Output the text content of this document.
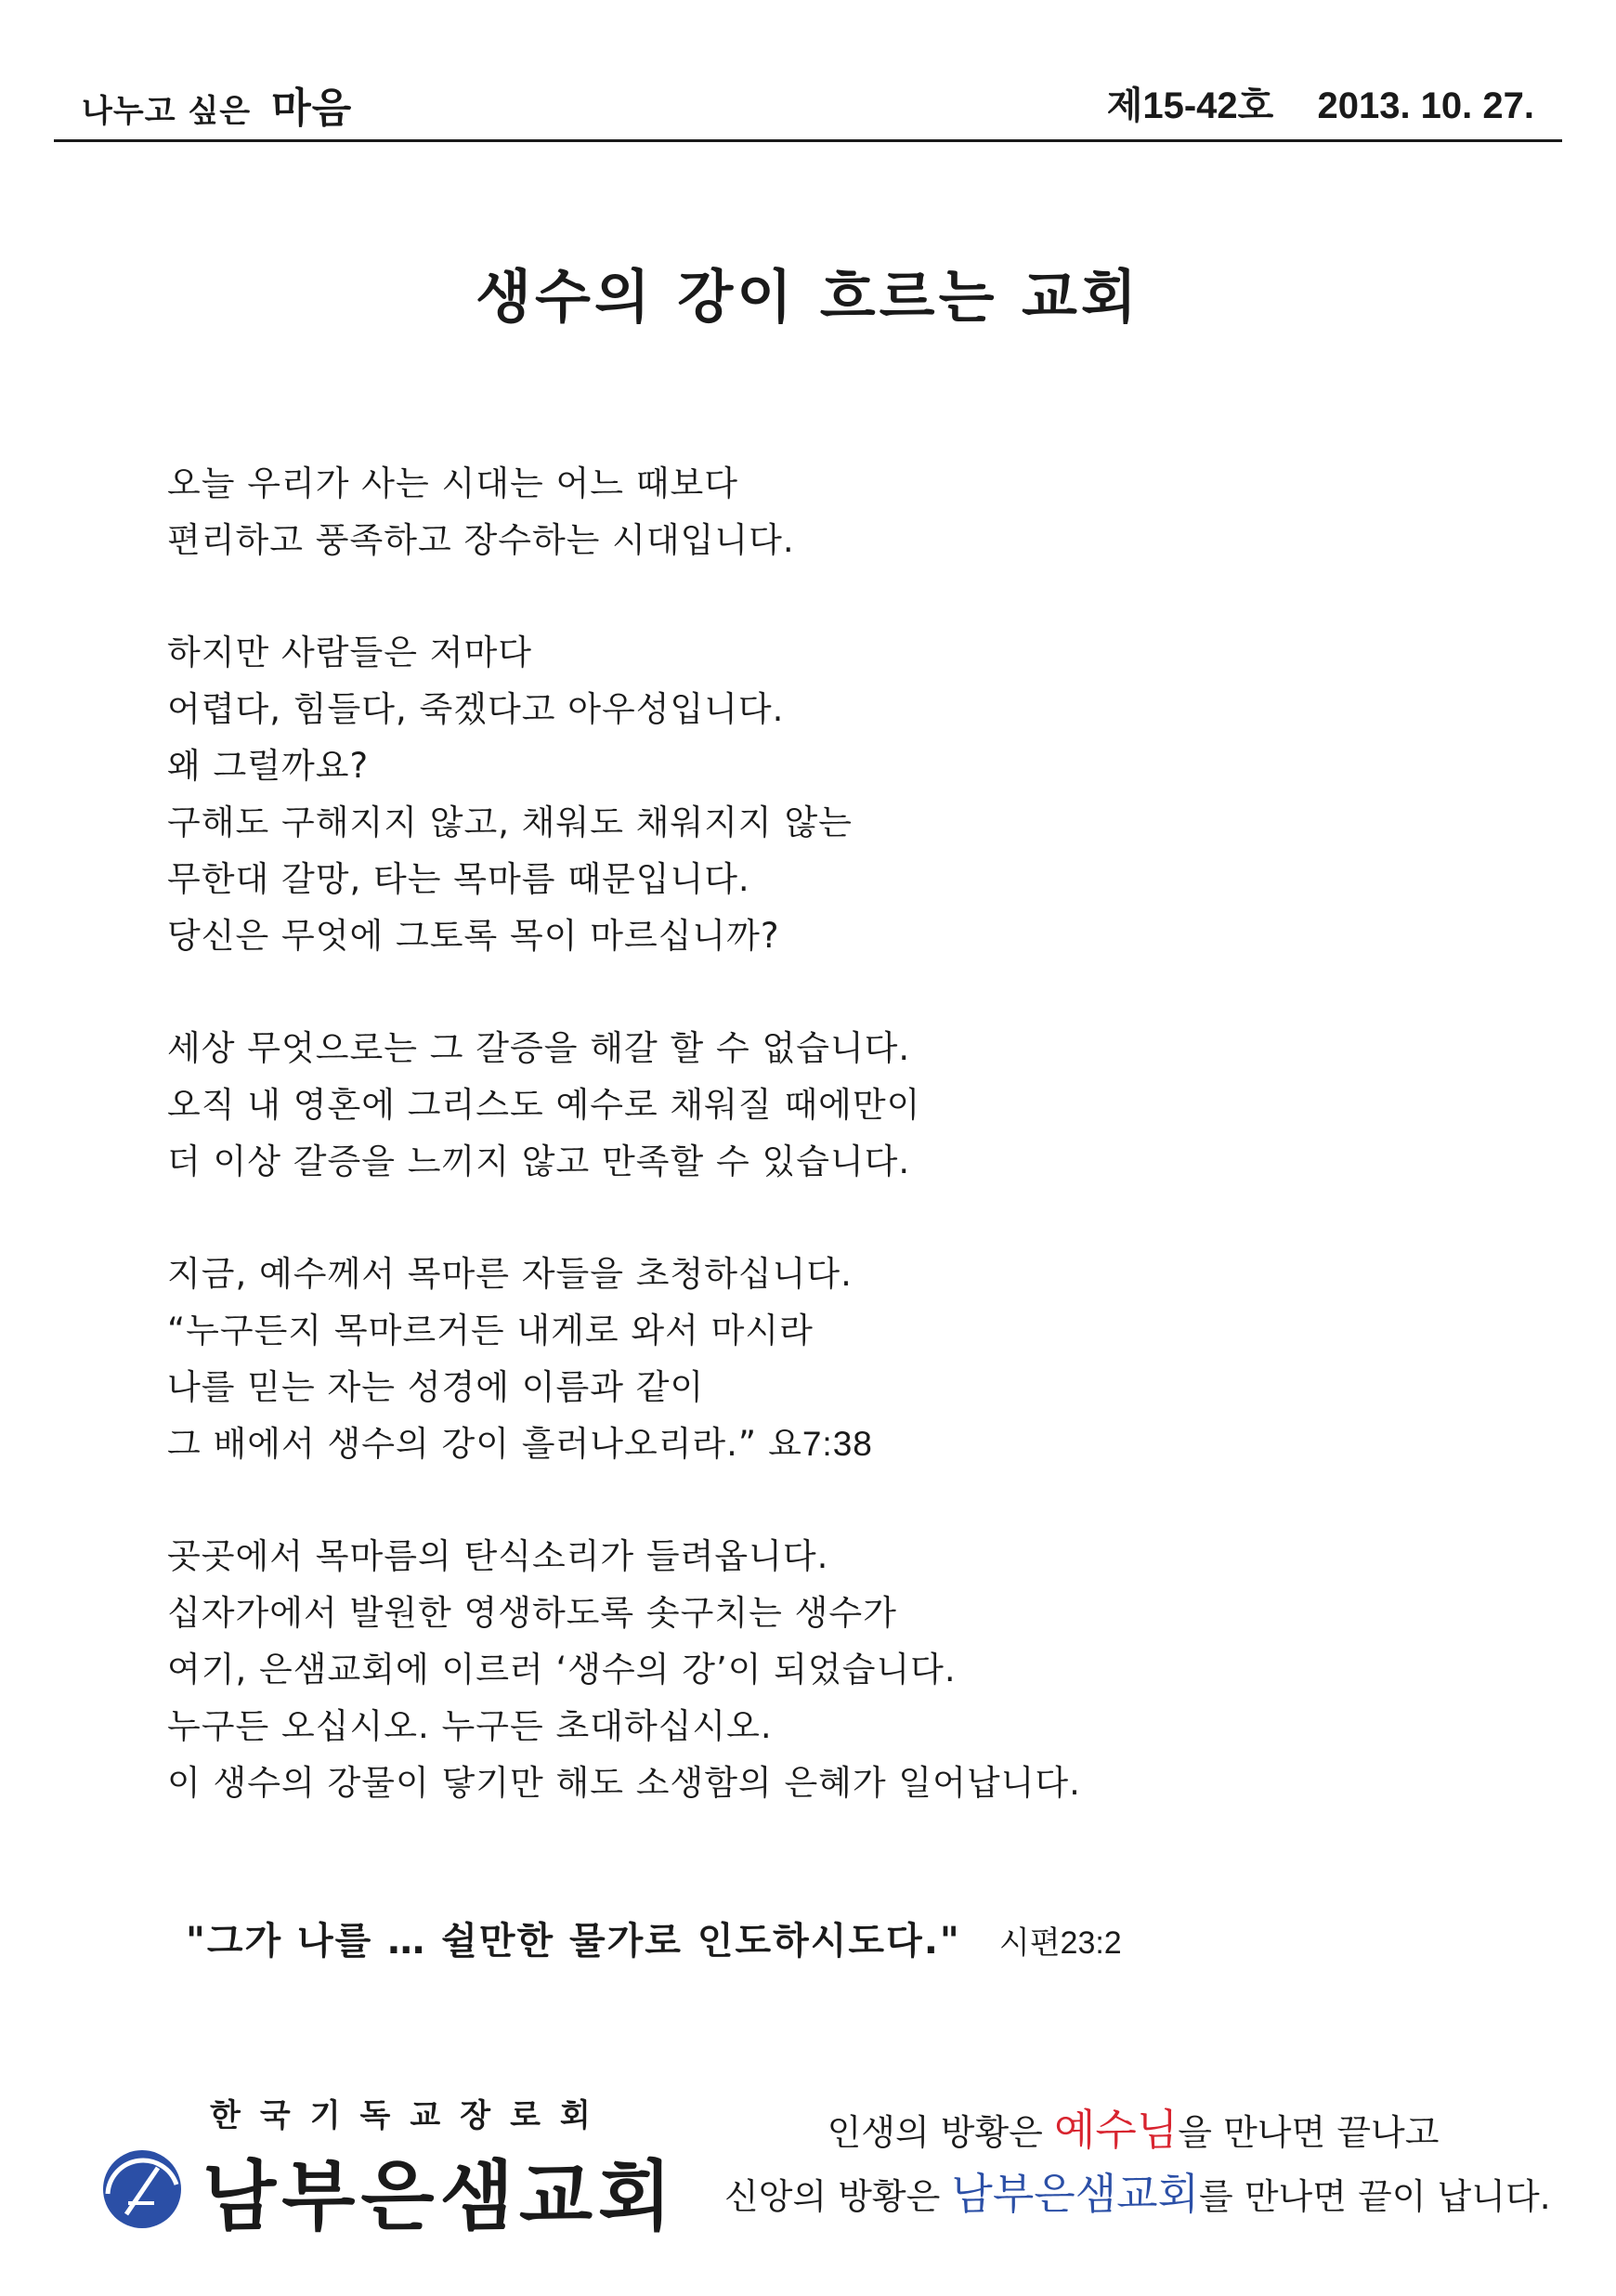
나누고 싶은 마음	제15-42호 2013. 10. 27.
생수의 강이 흐르는 교회
오늘 우리가 사는 시대는 어느 때보다
편리하고 풍족하고 장수하는 시대입니다.
하지만 사람들은 저마다
어렵다, 힘들다, 죽겠다고 아우성입니다.
왜 그럴까요?
구해도 구해지지 않고, 채워도 채워지지 않는
무한대 갈망, 타는 목마름 때문입니다.
당신은 무엇에 그토록 목이 마르십니까?
세상 무엇으로는 그 갈증을 해갈 할 수 없습니다.
오직 내 영혼에 그리스도 예수로 채워질 때에만이
더 이상 갈증을 느끼지 않고 만족할 수 있습니다.
지금, 예수께서 목마른 자들을 초청하십니다.
“누구든지 목마르거든 내게로 와서 마시라
나를 믿는 자는 성경에 이름과 같이
그 배에서 생수의 강이 흘러나오리라.” 요7:38
곳곳에서 목마름의 탄식소리가 들려옵니다.
십자가에서 발원한 영생하도록 솟구치는 생수가
여기, 은샘교회에 이르러 ‘생수의 강’이 되었습니다.
누구든 오십시오. 누구든 초대하십시오.
이 생수의 강물이 닿기만 해도 소생함의 은혜가 일어납니다.
"그가 나를 … 쉴만한 물가로 인도하시도다." 시편23:2
한국기독교장로회
남부은샘교회
인생의 방황은 예수님을 만나면 끝나고
신앙의 방황은 남부은샘교회를 만나면 끝이 납니다.
